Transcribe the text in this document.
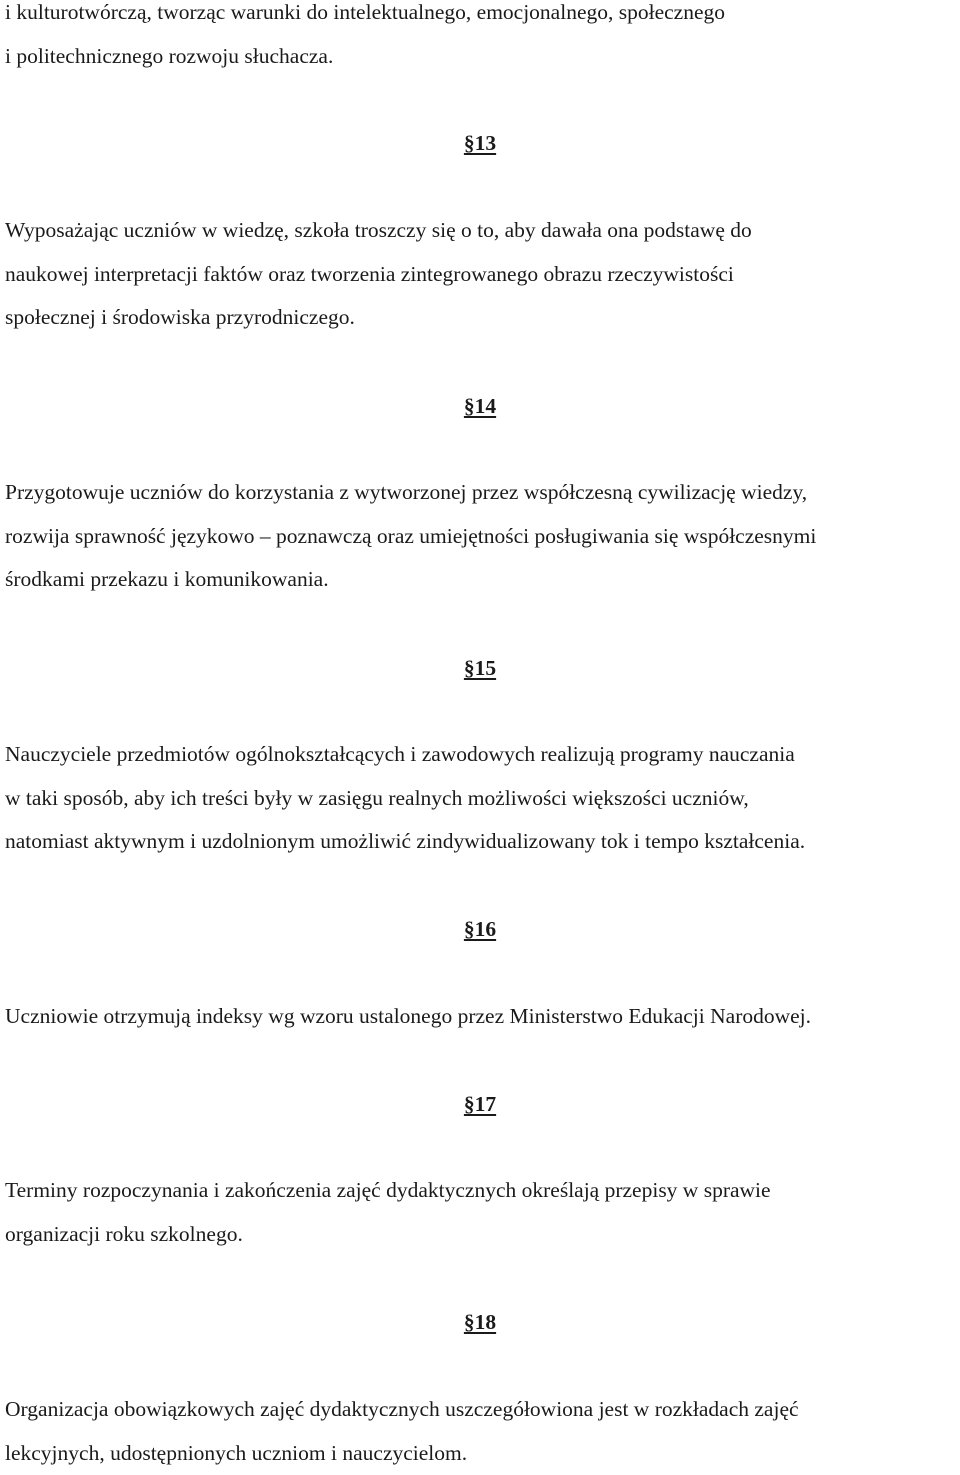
i kulturotwórczą, tworząc warunki do intelektualnego, emocjonalnego, społecznego
i politechnicznego rozwoju słuchacza.
§13
Wyposażając uczniów w wiedzę, szkoła troszczy się o to, aby dawała ona podstawę do
naukowej interpretacji faktów oraz tworzenia zintegrowanego obrazu rzeczywistości
społecznej i środowiska przyrodniczego.
§14
Przygotowuje uczniów do korzystania z wytworzonej przez współczesną cywilizację wiedzy,
rozwija sprawność językowo – poznawczą oraz umiejętności posługiwania się współczesnymi
środkami przekazu i komunikowania.
§15
Nauczyciele przedmiotów ogólnokształcących i zawodowych realizują programy nauczania
w taki sposób, aby ich treści były w zasięgu realnych możliwości większości uczniów,
natomiast aktywnym i uzdolnionym umożliwić zindywidualizowany tok i tempo kształcenia.
§16
Uczniowie otrzymują indeksy wg wzoru ustalonego przez Ministerstwo Edukacji Narodowej.
§17
Terminy rozpoczynania i zakończenia zajęć dydaktycznych określają przepisy w sprawie
organizacji roku szkolnego.
§18
Organizacja obowiązkowych zajęć dydaktycznych uszczegółowiona jest w rozkładach zajęć
lekcyjnych, udostępnionych uczniom i nauczycielom.
